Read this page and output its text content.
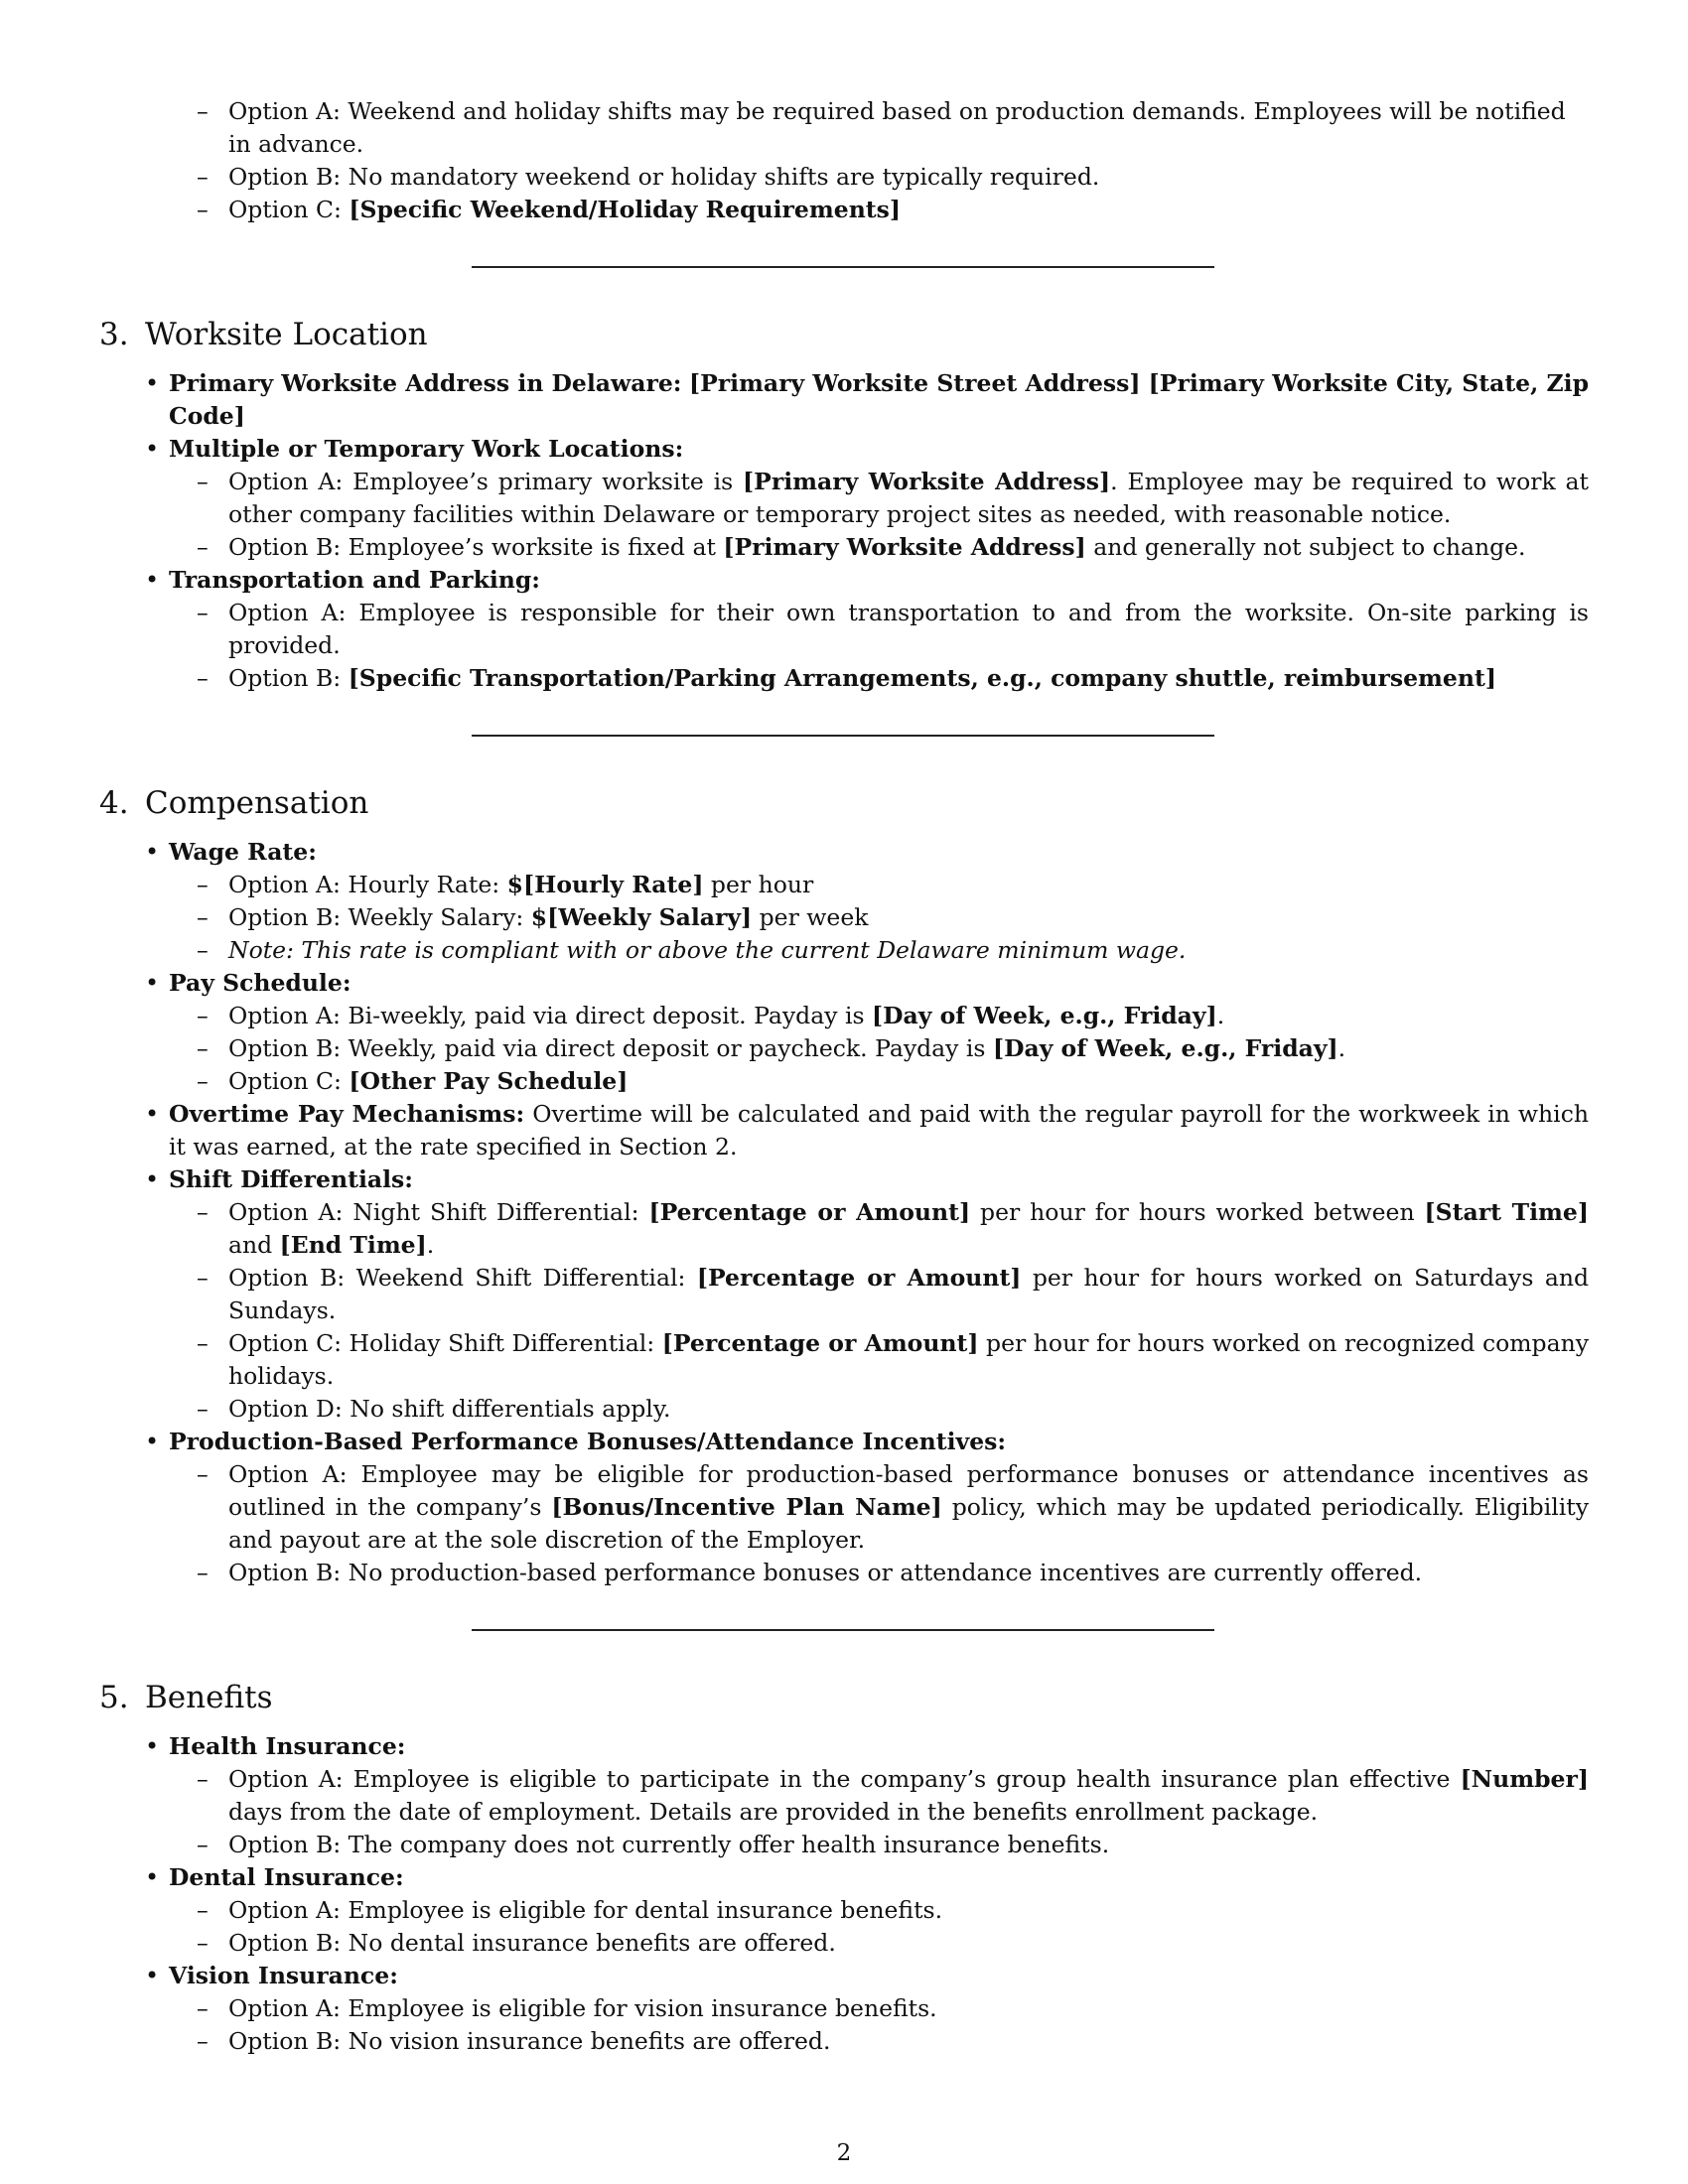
– Option A: Weekend and holiday shifts may be required based on production demands. Employees will be notified in advance.
– Option B: No mandatory weekend or holiday shifts are typically required.
– Option C: [Specific Weekend/Holiday Requirements]
3. Worksite Location
• Primary Worksite Address in Delaware: [Primary Worksite Street Address] [Primary Worksite City, State, Zip Code]
• Multiple or Temporary Work Locations:
– Option A: Employee’s primary worksite is [Primary Worksite Address]. Employee may be required to work at other company facilities within Delaware or temporary project sites as needed, with reasonable notice.
– Option B: Employee’s worksite is fixed at [Primary Worksite Address] and generally not subject to change.
• Transportation and Parking:
– Option A: Employee is responsible for their own transportation to and from the worksite. On-site parking is provided.
– Option B: [Specific Transportation/Parking Arrangements, e.g., company shuttle, reimbursement]
4. Compensation
• Wage Rate:
– Option A: Hourly Rate: $[Hourly Rate] per hour
– Option B: Weekly Salary: $[Weekly Salary] per week
– Note: This rate is compliant with or above the current Delaware minimum wage.
• Pay Schedule:
– Option A: Bi-weekly, paid via direct deposit. Payday is [Day of Week, e.g., Friday].
– Option B: Weekly, paid via direct deposit or paycheck. Payday is [Day of Week, e.g., Friday].
– Option C: [Other Pay Schedule]
• Overtime Pay Mechanisms: Overtime will be calculated and paid with the regular payroll for the workweek in which it was earned, at the rate specified in Section 2.
• Shift Differentials:
– Option A: Night Shift Differential: [Percentage or Amount] per hour for hours worked between [Start Time] and [End Time].
– Option B: Weekend Shift Differential: [Percentage or Amount] per hour for hours worked on Saturdays and Sundays.
– Option C: Holiday Shift Differential: [Percentage or Amount] per hour for hours worked on recognized company holidays.
– Option D: No shift differentials apply.
• Production-Based Performance Bonuses/Attendance Incentives:
– Option A: Employee may be eligible for production-based performance bonuses or attendance incentives as outlined in the company’s [Bonus/Incentive Plan Name] policy, which may be updated periodically. Eligibility and payout are at the sole discretion of the Employer.
– Option B: No production-based performance bonuses or attendance incentives are currently offered.
5. Benefits
• Health Insurance:
– Option A: Employee is eligible to participate in the company’s group health insurance plan effective [Number] days from the date of employment. Details are provided in the benefits enrollment package.
– Option B: The company does not currently offer health insurance benefits.
• Dental Insurance:
– Option A: Employee is eligible for dental insurance benefits.
– Option B: No dental insurance benefits are offered.
• Vision Insurance:
– Option A: Employee is eligible for vision insurance benefits.
– Option B: No vision insurance benefits are offered.
2
